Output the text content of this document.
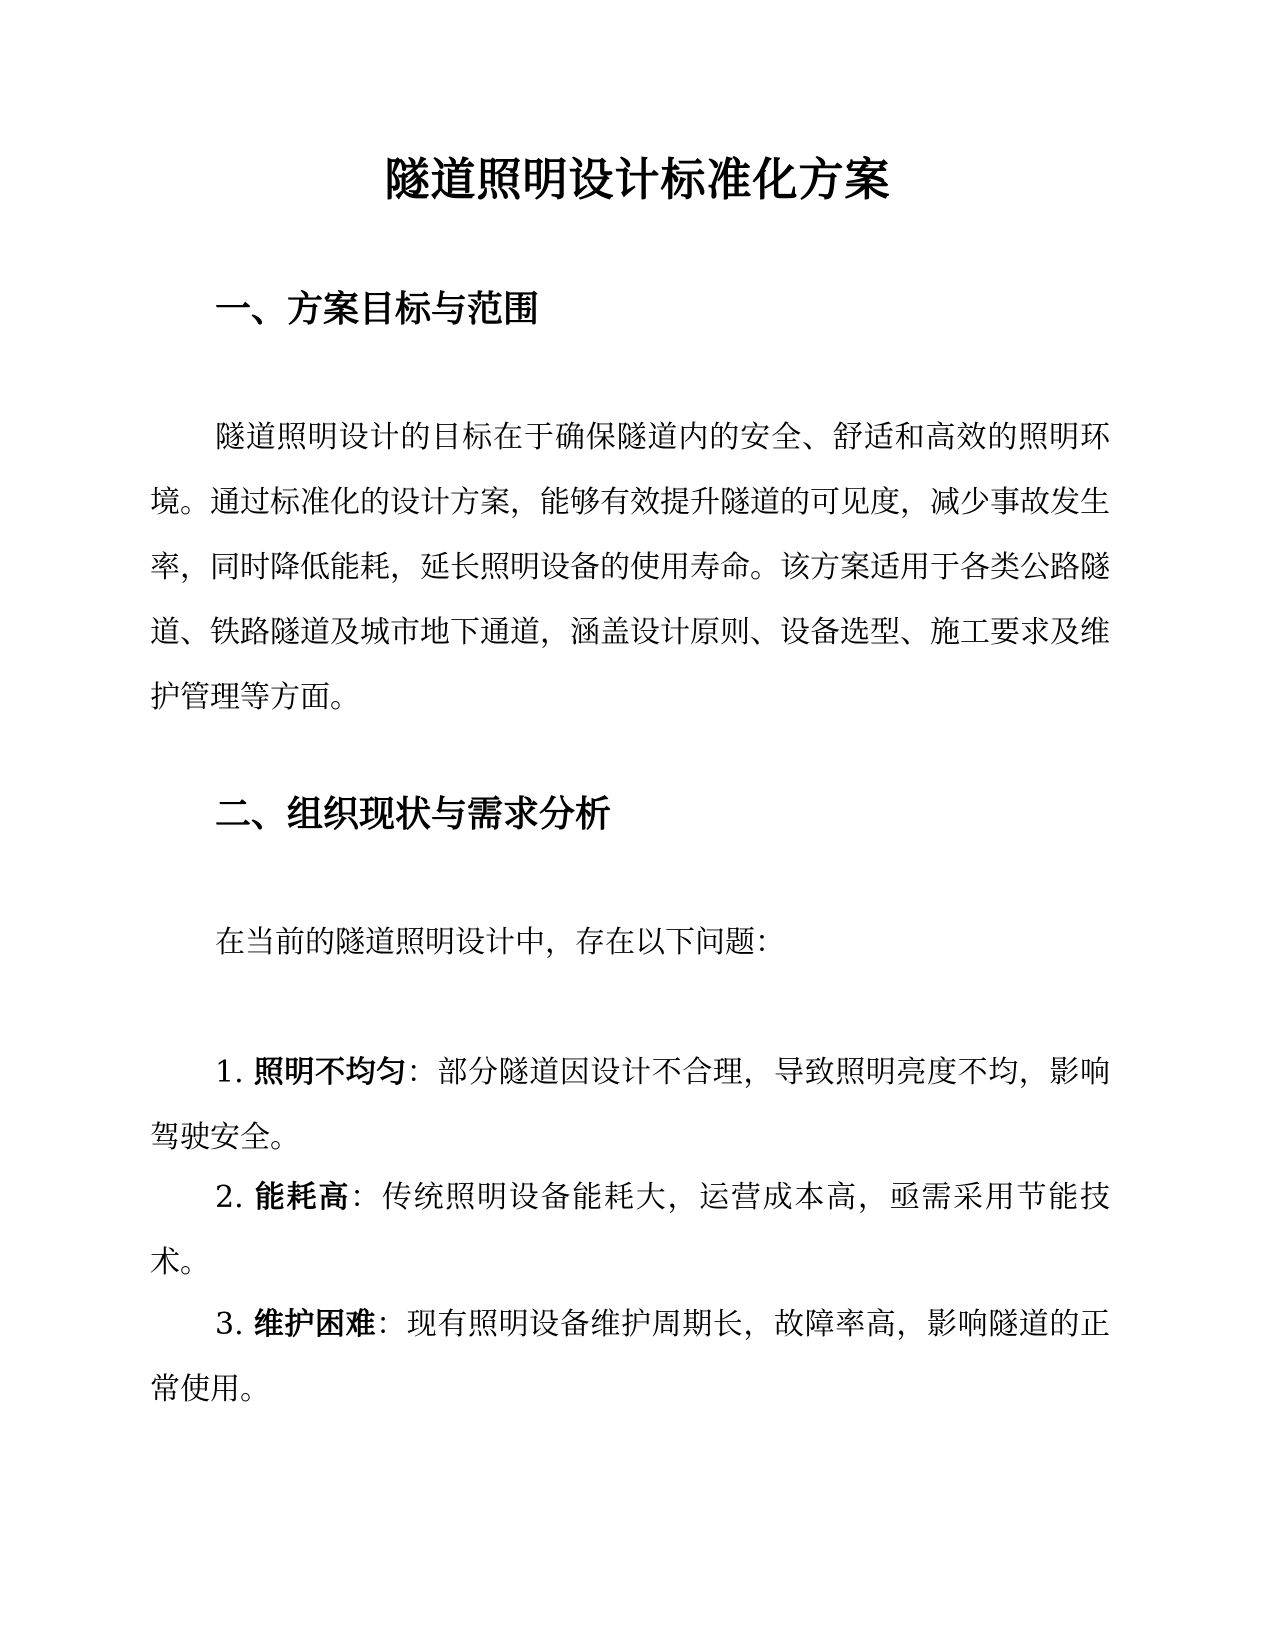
隧道照明设计标准化方案
一、方案目标与范围

隧道照明设计的目标在于确保隧道内的安全、舒适和高效的照明环境。通过标准化的设计方案，能够有效提升隧道的可见度，减少事故发生率，同时降低能耗，延长照明设备的使用寿命。该方案适用于各类公路隧道、铁路隧道及城市地下通道，涵盖设计原则、设备选型、施工要求及维护管理等方面。

二、组织现状与需求分析

在当前的隧道照明设计中，存在以下问题：

1. 照明不均匀：部分隧道因设计不合理，导致照明亮度不均，影响驾驶安全。

2. 能耗高：传统照明设备能耗大，运营成本高，亟需采用节能技术。

3. 维护困难：现有照明设备维护周期长，故障率高，影响隧道的正常使用。
